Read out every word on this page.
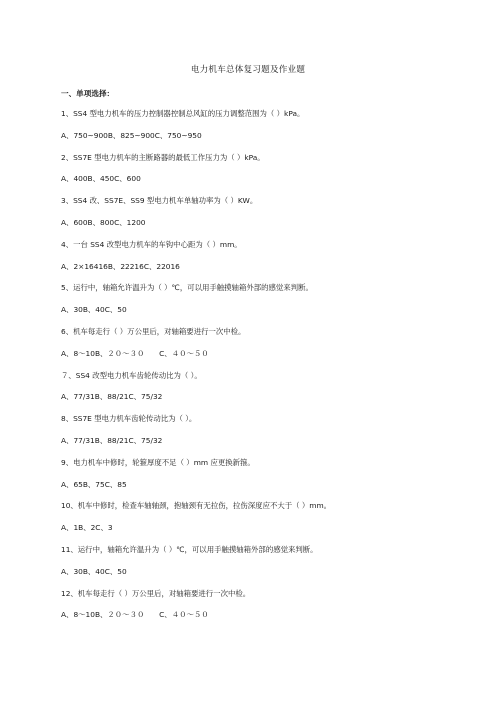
电力机车总体复习题及作业题
一、单项选择：
1、SS4 型电力机车的压力控制器控制总风缸的压力调整范围为（ ）kPa。
A、750~900B、825~900C、750~950
2、SS7E 型电力机车的主断路器的最低工作压力为（ ）kPa。
A、400B、450C、600
3、SS4 改、SS7E、SS9 型电力机车单轴功率为（ ）KW。
A、600B、800C、1200
4、一台 SS4 改型电力机车的车钩中心距为（ ）mm。
A、2×16416B、22216C、22016
5、运行中，轴箱允许温升为（ ）℃，可以用手触摸轴箱外部的感觉来判断。
A、30B、40C、50
6、机车每走行（ ）万公里后，对轴箱要进行一次中检。
A、8～10B、２０～３０　　C、４０～５０
７、SS4 改型电力机车齿轮传动比为（ ）。
A、77/31B、88/21C、75/32
8、SS7E 型电力机车齿轮传动比为（ ）。
A、77/31B、88/21C、75/32
9、电力机车中修时，轮箍厚度不足（ ）mm 应更换新箍。
A、65B、75C、85
10、机车中修时，检查车轴轴颈，抱轴颈有无拉伤，拉伤深度应不大于（ ）mm。
A、1B、2C、3
11、运行中，轴箱允许温升为（ ）℃，可以用手触摸轴箱外部的感觉来判断。
A、30B、40C、50
12、机车每走行（ ）万公里后，对轴箱要进行一次中检。
A、8～10B、２０～３０　　C、４０～５０
